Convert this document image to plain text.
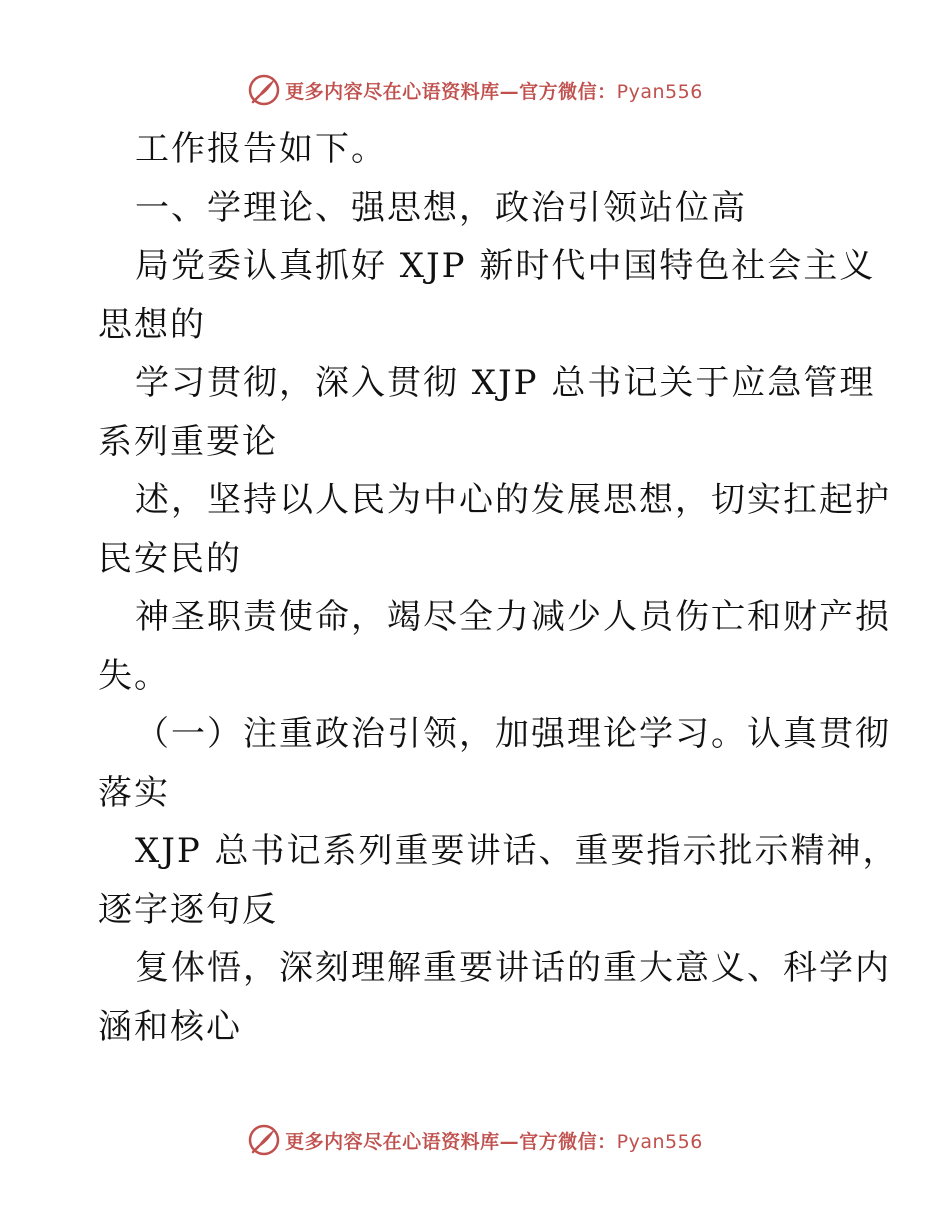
更多内容尽在心语资料库—官方微信：Pyan556
工作报告如下。
一、学理论、强思想，政治引领站位高
局党委认真抓好 XJP 新时代中国特色社会主义
思想的
学习贯彻，深入贯彻 XJP 总书记关于应急管理
系列重要论
述，坚持以人民为中心的发展思想，切实扛起护
民安民的
神圣职责使命，竭尽全力减少人员伤亡和财产损
失。
（一）注重政治引领，加强理论学习。认真贯彻
落实
XJP 总书记系列重要讲话、重要指示批示精神，
逐字逐句反
复体悟，深刻理解重要讲话的重大意义、科学内
涵和核心
更多内容尽在心语资料库—官方微信：Pyan556
